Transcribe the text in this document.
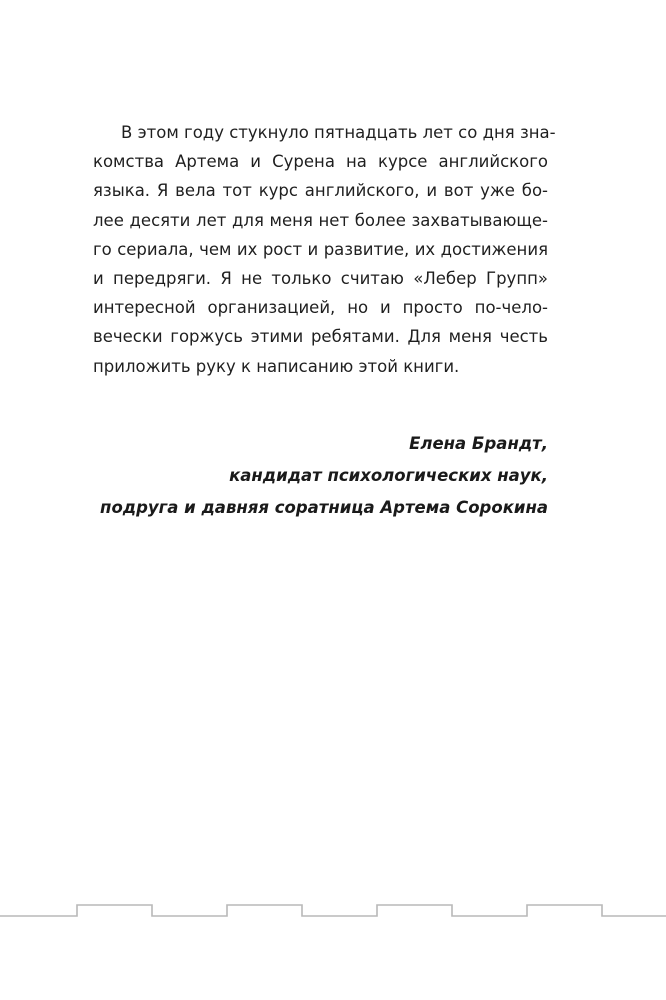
В этом году стукнуло пятнадцать лет со дня зна-
комства Артема и Сурена на курсе английского
языка. Я вела тот курс английского, и вот уже бо-
лее десяти лет для меня нет более захватывающе-
го сериала, чем их рост и развитие, их достижения
и передряги. Я не только считаю «Лебер Групп»
интересной организацией, но и просто по-чело-
вечески горжусь этими ребятами. Для меня честь
приложить руку к написанию этой книги.
Елена Брандт,
кандидат психологических наук,
подруга и давняя соратница Артема Сорокина
